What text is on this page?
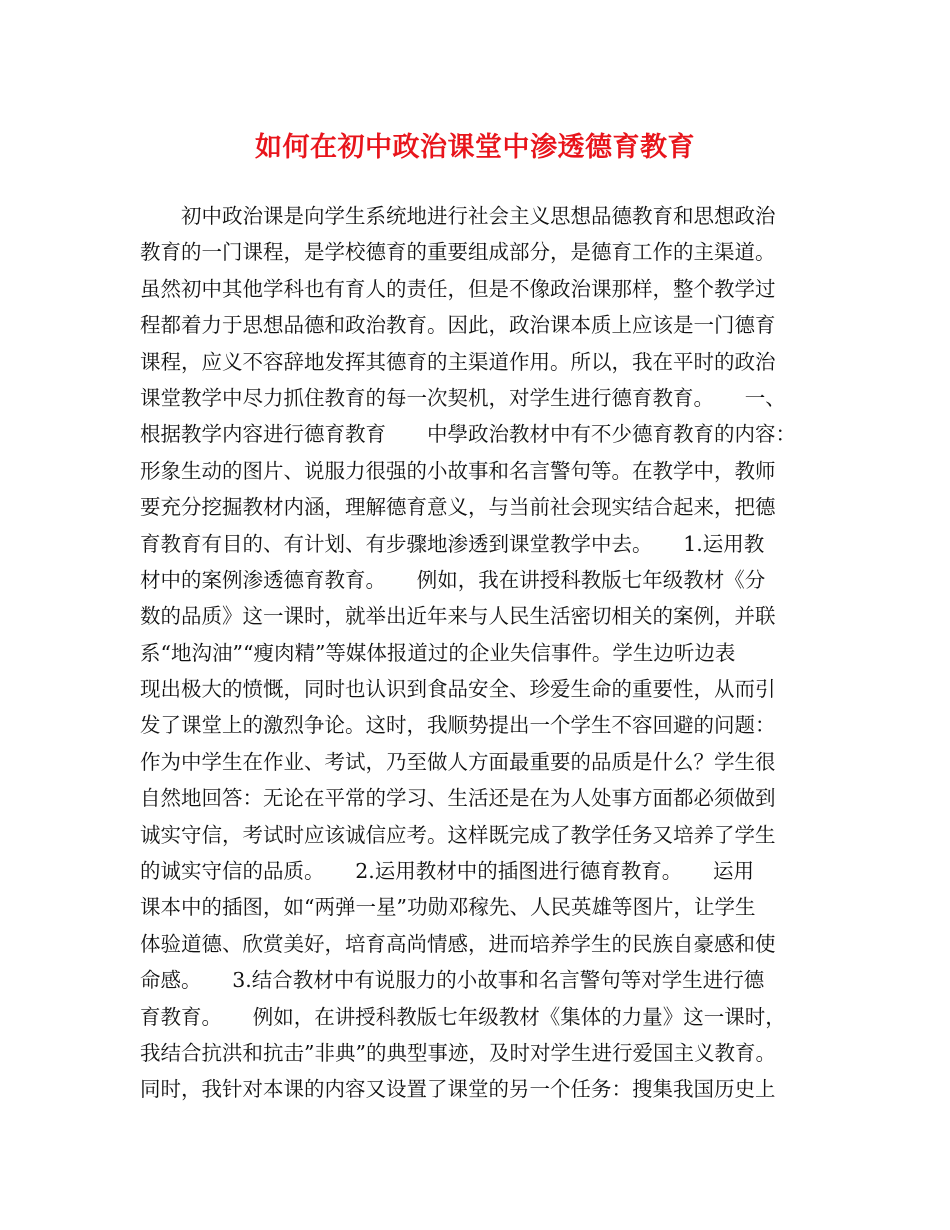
如何在初中政治课堂中渗透德育教育
　　初中政治课是向学生系统地进行社会主义思想品德教育和思想政治
教育的一门课程，是学校德育的重要组成部分，是德育工作的主渠道。
虽然初中其他学科也有育人的责任，但是不像政治课那样，整个教学过
程都着力于思想品德和政治教育。因此，政治课本质上应该是一门德育
课程，应义不容辞地发挥其德育的主渠道作用。所以，我在平时的政治
课堂教学中尽力抓住教育的每一次契机，对学生进行德育教育。　　一、
根据教学内容进行德育教育　　中學政治教材中有不少德育教育的内容：
形象生动的图片、说服力很强的小故事和名言警句等。在教学中，教师
要充分挖掘教材内涵，理解德育意义，与当前社会现实结合起来，把德
育教育有目的、有计划、有步骤地渗透到课堂教学中去。　　1.运用教
材中的案例渗透德育教育。　　例如，我在讲授科教版七年级教材《分
数的品质》这一课时，就举出近年来与人民生活密切相关的案例，并联
系“地沟油”“瘦肉精”等媒体报道过的企业失信事件。学生边听边表
现出极大的愤慨，同时也认识到食品安全、珍爱生命的重要性，从而引
发了课堂上的激烈争论。这时，我顺势提出一个学生不容回避的问题：
作为中学生在作业、考试，乃至做人方面最重要的品质是什么？学生很
自然地回答：无论在平常的学习、生活还是在为人处事方面都必须做到
诚实守信，考试时应该诚信应考。这样既完成了教学任务又培养了学生
的诚实守信的品质。　　2.运用教材中的插图进行德育教育。　　运用
课本中的插图，如“两弹一星”功勋邓稼先、人民英雄等图片，让学生
体验道德、欣赏美好，培育高尚情感，进而培养学生的民族自豪感和使
命感。　　3.结合教材中有说服力的小故事和名言警句等对学生进行德
育教育。　　例如，在讲授科教版七年级教材《集体的力量》这一课时，
我结合抗洪和抗击”非典”的典型事迹，及时对学生进行爱国主义教育。
同时，我针对本课的内容又设置了课堂的另一个任务：搜集我国历史上
